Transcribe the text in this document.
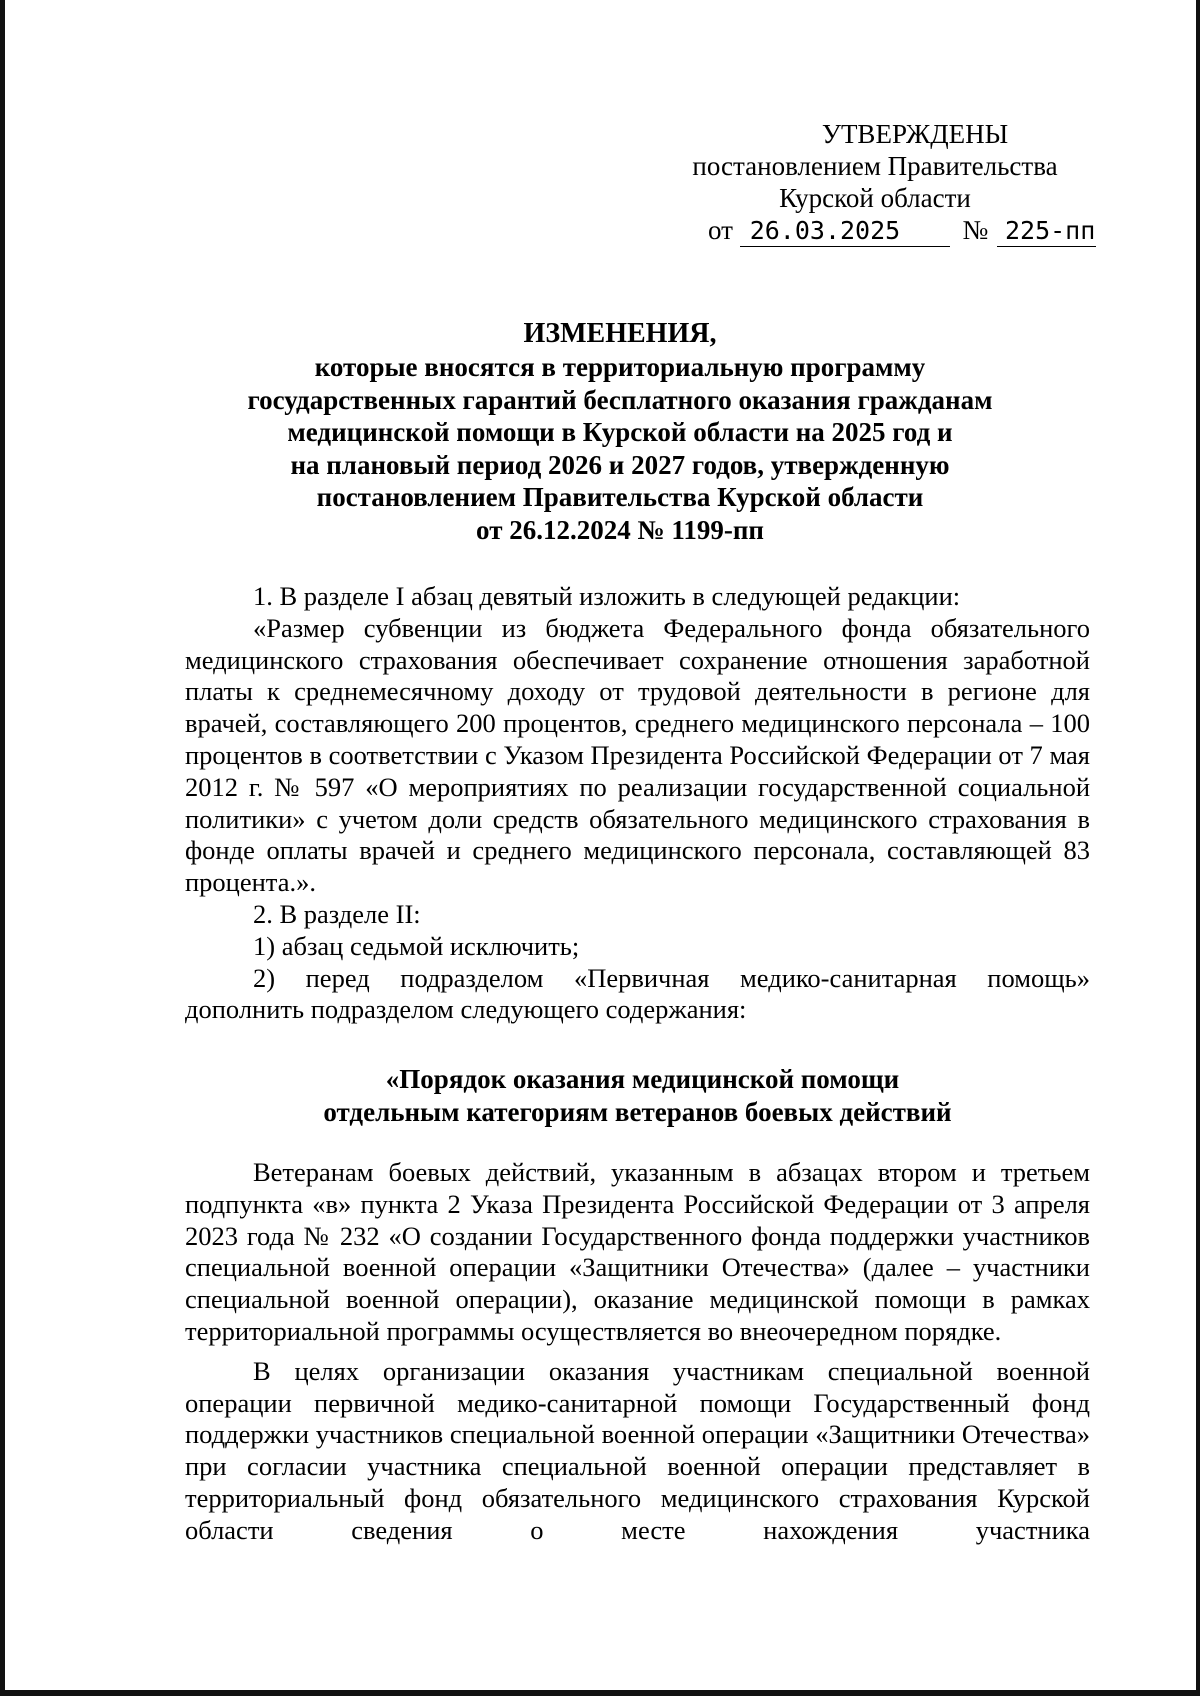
УТВЕРЖДЕНЫ
постановлением Правительства
Курской области
от 26.03.2025 № 225-пп
ИЗМЕНЕНИЯ,
которые вносятся в территориальную программу
государственных гарантий бесплатного оказания гражданам
медицинской помощи в Курской области на 2025 год и
на плановый период 2026 и 2027 годов, утвержденную
постановлением Правительства Курской области
от 26.12.2024 № 1199-пп

1. В разделе I абзац девятый изложить в следующей редакции:

«Размер субвенции из бюджета Федерального фонда обязательного медицинского страхования обеспечивает сохранение отношения заработной платы к среднемесячному доходу от трудовой деятельности в регионе для врачей, составляющего 200 процентов, среднего медицинского персонала – 100 процентов в соответствии с Указом Президента Российской Федерации от 7 мая 2012 г. № 597 «О мероприятиях по реализации государственной социальной политики» с учетом доли средств обязательного медицинского страхования в фонде оплаты врачей и среднего медицинского персонала, составляющей 83 процента.».

2. В разделе II:

1) абзац седьмой исключить;

2) перед подразделом «Первичная медико-санитарная помощь» дополнить подразделом следующего содержания:

«Порядок оказания медицинской помощи
отдельным категориям ветеранов боевых действий

Ветеранам боевых действий, указанным в абзацах втором и третьем подпункта «в» пункта 2 Указа Президента Российской Федерации от 3 апреля 2023 года № 232 «О создании Государственного фонда поддержки участников специальной военной операции «Защитники Отечества» (далее – участники специальной военной операции), оказание медицинской помощи в рамках территориальной программы осуществляется во внеочередном порядке.

В целях организации оказания участникам специальной военной операции первичной медико-санитарной помощи Государственный фонд поддержки участников специальной военной операции «Защитники Отечества» при согласии участника специальной военной операции представляет в территориальный фонд обязательного медицинского страхования Курской области сведения о месте нахождения участника
